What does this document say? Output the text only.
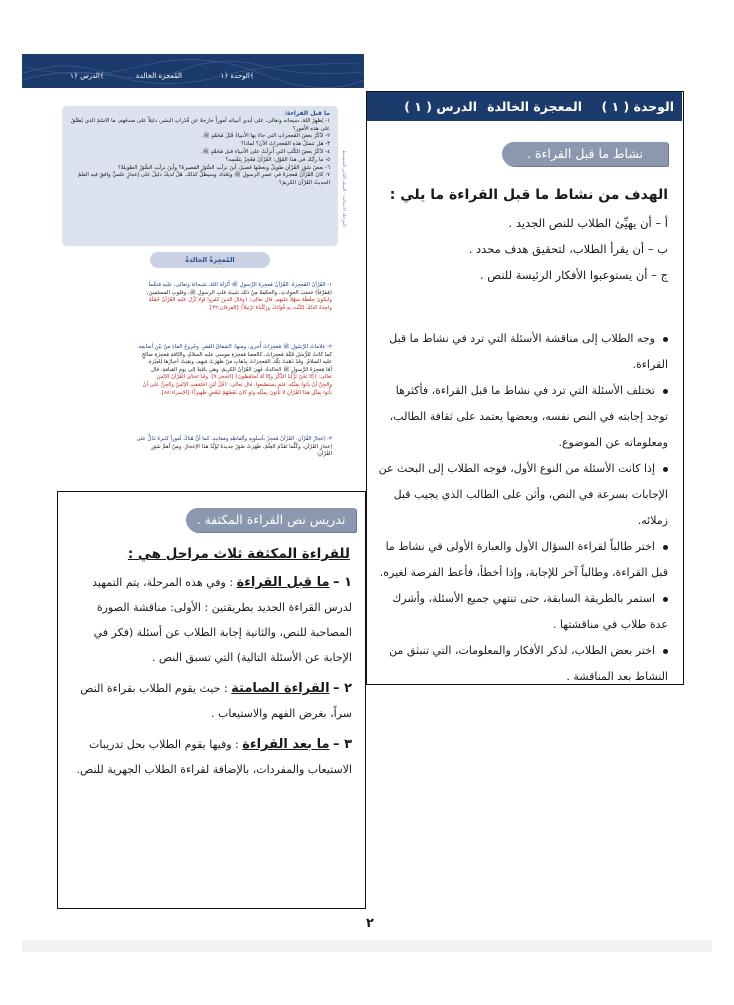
الوحدة ﴿١﴾
المُعجزة الخالدة
الدرس ﴿١﴾
ما قبل القراءة:
١- يُظهِرُ اللهُ، سبحانه وتعالى، على أيدي أنبيائه أموراً خارجةً عن قُدُراتِ البشر، دليلاً على صدقهم، ما الاسْمُ الذي يُطلَقُ على هذهِ الأمور؟
٢- اذْكُرْ بعضَ المُعجزاتِ التي جاءَ بها الأنبياءُ قَبْلَ مُحَمَّدٍ ﷺ.
٣- هل تتمثلُ هذهِ المُعجزاتُ الآنَ؟ لماذا؟
٤- اذْكُرْ بعضَ الكُتُبِ التي أُنزِلَتْ على الأنبياء قبل مُحَمَّدٍ ﷺ.
٥- ما رأيُك في هذا القَوْلِ: القُرْآنُ مُعْجِزٌ بِنَفْسِه؟
٦- بعضُ سُوَرِ القُرْآنِ طويلٌ وبعضُها قصيرٌ، أينَ نزلَتِ السُّوَرُ القصيرةُ؟ وأينَ نزلَتِ السُّوَرُ الطويلةُ؟
٧- كانَ القُرْآنُ مُعجزةً في عصرِ الرسولِ ﷺ وبَعْدَهُ، وسيظلُّ كذلك. هَلْ لديكَ دليلٌ على إعجازٍ علميٍّ وافقَ فيه العلمُ الحديثُ القُرْآنَ الكريمَ؟	المرحلة الابتدائية - الصف الثاني المتوسط
المُعجِزةُ الخالدةُ
١- القُرْآنُ المُعجِزةُ. القُرْآنُ مُعجِزةُ الرَّسولِ ﷺ أَنْزَلَهُ اللهُ، سُبحانَهُ وتعالى، عليهِ مُنَجَّماً
(مُفَرَّقاً) حَسَبَ الحوادثِ، والحكمةُ مِنْ ذلكَ تثبيتُ قلبِ الرسولِ ﷺ، وقلوبِ المسلمينَ،
وليكونَ حِفْظُهُ سَهْلاً عليهم. قال تعالى: ﴿وقالَ الذينَ كفَروا لولا نُزِّلَ عليهِ القُرْآنُ جُمْلَةً
واحِدَةً كذلكَ لِنُثَبِّتَ بهِ فُؤادَكَ ورَتَّلْناهُ تَرْتيلاً﴾ [الفرقان:٣٢].
٢- عِلاماتُ الرَّسُولِ ﷺ مُعجِزاتٌ أُخرى، ومنها: انْشِقاقُ القَمَرِ، وخُروجُ الماءِ منْ بَيْنِ أصابعِه.
كما كانَتْ للرُّسُلِ قَبْلَهُ مُعجِزاتٌ، كالعصا مُعجِزَةِ موسى عليه السلامُ، والنّاقةِ مُعجِزَةِ صالحٍ
عليه السلامُ. وقَدْ ذَهَبَتْ تِلْكَ المُعجِزاتُ بِذَهابِ مَنْ ظَهَرَتْ فيهم، وبَقِيَتْ أخبارُها لِلعِبْرَةِ.
أمّا مُعجِزَةُ الرَّسولِ ﷺ الخالدةُ، فَهِيَ القُرْآنُ الكريمُ، وهي باقِيَةٌ إلى يومِ القيامَةِ. قال
تعالى: ﴿إنّا نَحْنُ نَزَّلْنا الذِّكْرَ وإنّا لَهُ لَحافِظونَ﴾ [الحجر:٩]. وقَدْ تَحَدّى القُرْآنُ الإنْسَ
والجِنَّ أنْ يأتوا بِمِثْلِهِ، فلم يستطيعوا. قال تعالى: ﴿قُلْ لَئِنِ اجْتَمَعَتِ الإنْسُ والجِنُّ على أنْ
يَأْتوا بِمِثْلِ هذا القُرْآنِ لا يَأْتونَ بِمِثْلِهِ ولو كانَ بَعْضُهُمْ لِبَعْضٍ ظَهيراً﴾ [الإسراء:٨٨].
٣- إعجازُ القُرْآنِ. القُرْآنُ مُعجِزٌ بأسلوبِهِ وألفاظِهِ ومَعانيهِ، كما أنَّ هُناكَ أموراً كثيرةً تَدُلُّ على
إعجازِ القُرْآنِ، وكُلَّما تَقَدَّمَ العِلْمُ، ظَهَرَتْ صُوَرٌ جديدةٌ تُؤَيِّدُ هذا الإعجازَ. ومِنْ أهمِّ سُوَرِ
القُرْآنِ:
الوحدة ( ١ )
المعجزة الخالدة
الدرس ( ١ )
نشاط ما قبل القراءة .
الهدف من نشاط ما قبل القراءة ما يلي :
أ – أن يهيِّئ الطلاب للنص الجديد .
ب – أن يقرأ الطلاب، لتحقيق هدف محدد .
ج – أن يستوعبوا الأفكار الرئيسة للنص .
وجه الطلاب إلى مناقشة الأسئلة التي ترد في نشاط ما قبل القراءة.
تختلف الأسئلة التي ترد في نشاط ما قبل القراءة، فأكثرها توجد إجابته في النص نفسه، وبعضها يعتمد على ثقافة الطالب، ومعلوماته عن الموضوع.
إذا كانت الأسئلة من النوع الأول، فوجه الطلاب إلى البحث عن الإجابات بسرعة في النص، وأثن على الطالب الذي يجيب قبل زملائه.
اختر طالباً لقراءة السؤال الأول والعبارة الأولى في نشاط ما قبل القراءة، وطالباً آخر للإجابة، وإذا أخطأ، فأعط الفرصة لغيره.
استمر بالطريقة السابقة، حتى تنتهي جميع الأسئلة، وأشرك عدة طلاب في مناقشتها .
اختر بعض الطلاب، لذكر الأفكار والمعلومات، التي تنبثق من النشاط بعد المناقشة .
تدريس نص القراءة المكثفة .
للقراءة المكثفة ثلاث مراحل هي :
١ – ما قبل القراءة : وفي هذه المرحلة، يتم التمهيد لدرس القراءة الجديد بطريقتين : الأولى: مناقشة الصورة المصاحبة للنص، والثانية إجابة الطلاب عن أسئلة (فكر في الإجابة عن الأسئلة التالية) التي تسبق النص .
٢ – القراءة الصامتة : حيث يقوم الطلاب بقراءة النص سراً، بغرض الفهم والاستيعاب .
٣ – ما بعد القراءة : وفيها يقوم الطلاب بحل تدريبات الاستيعاب والمفردات، بالإضافة لقراءة الطلاب الجهرية للنص.
٢
